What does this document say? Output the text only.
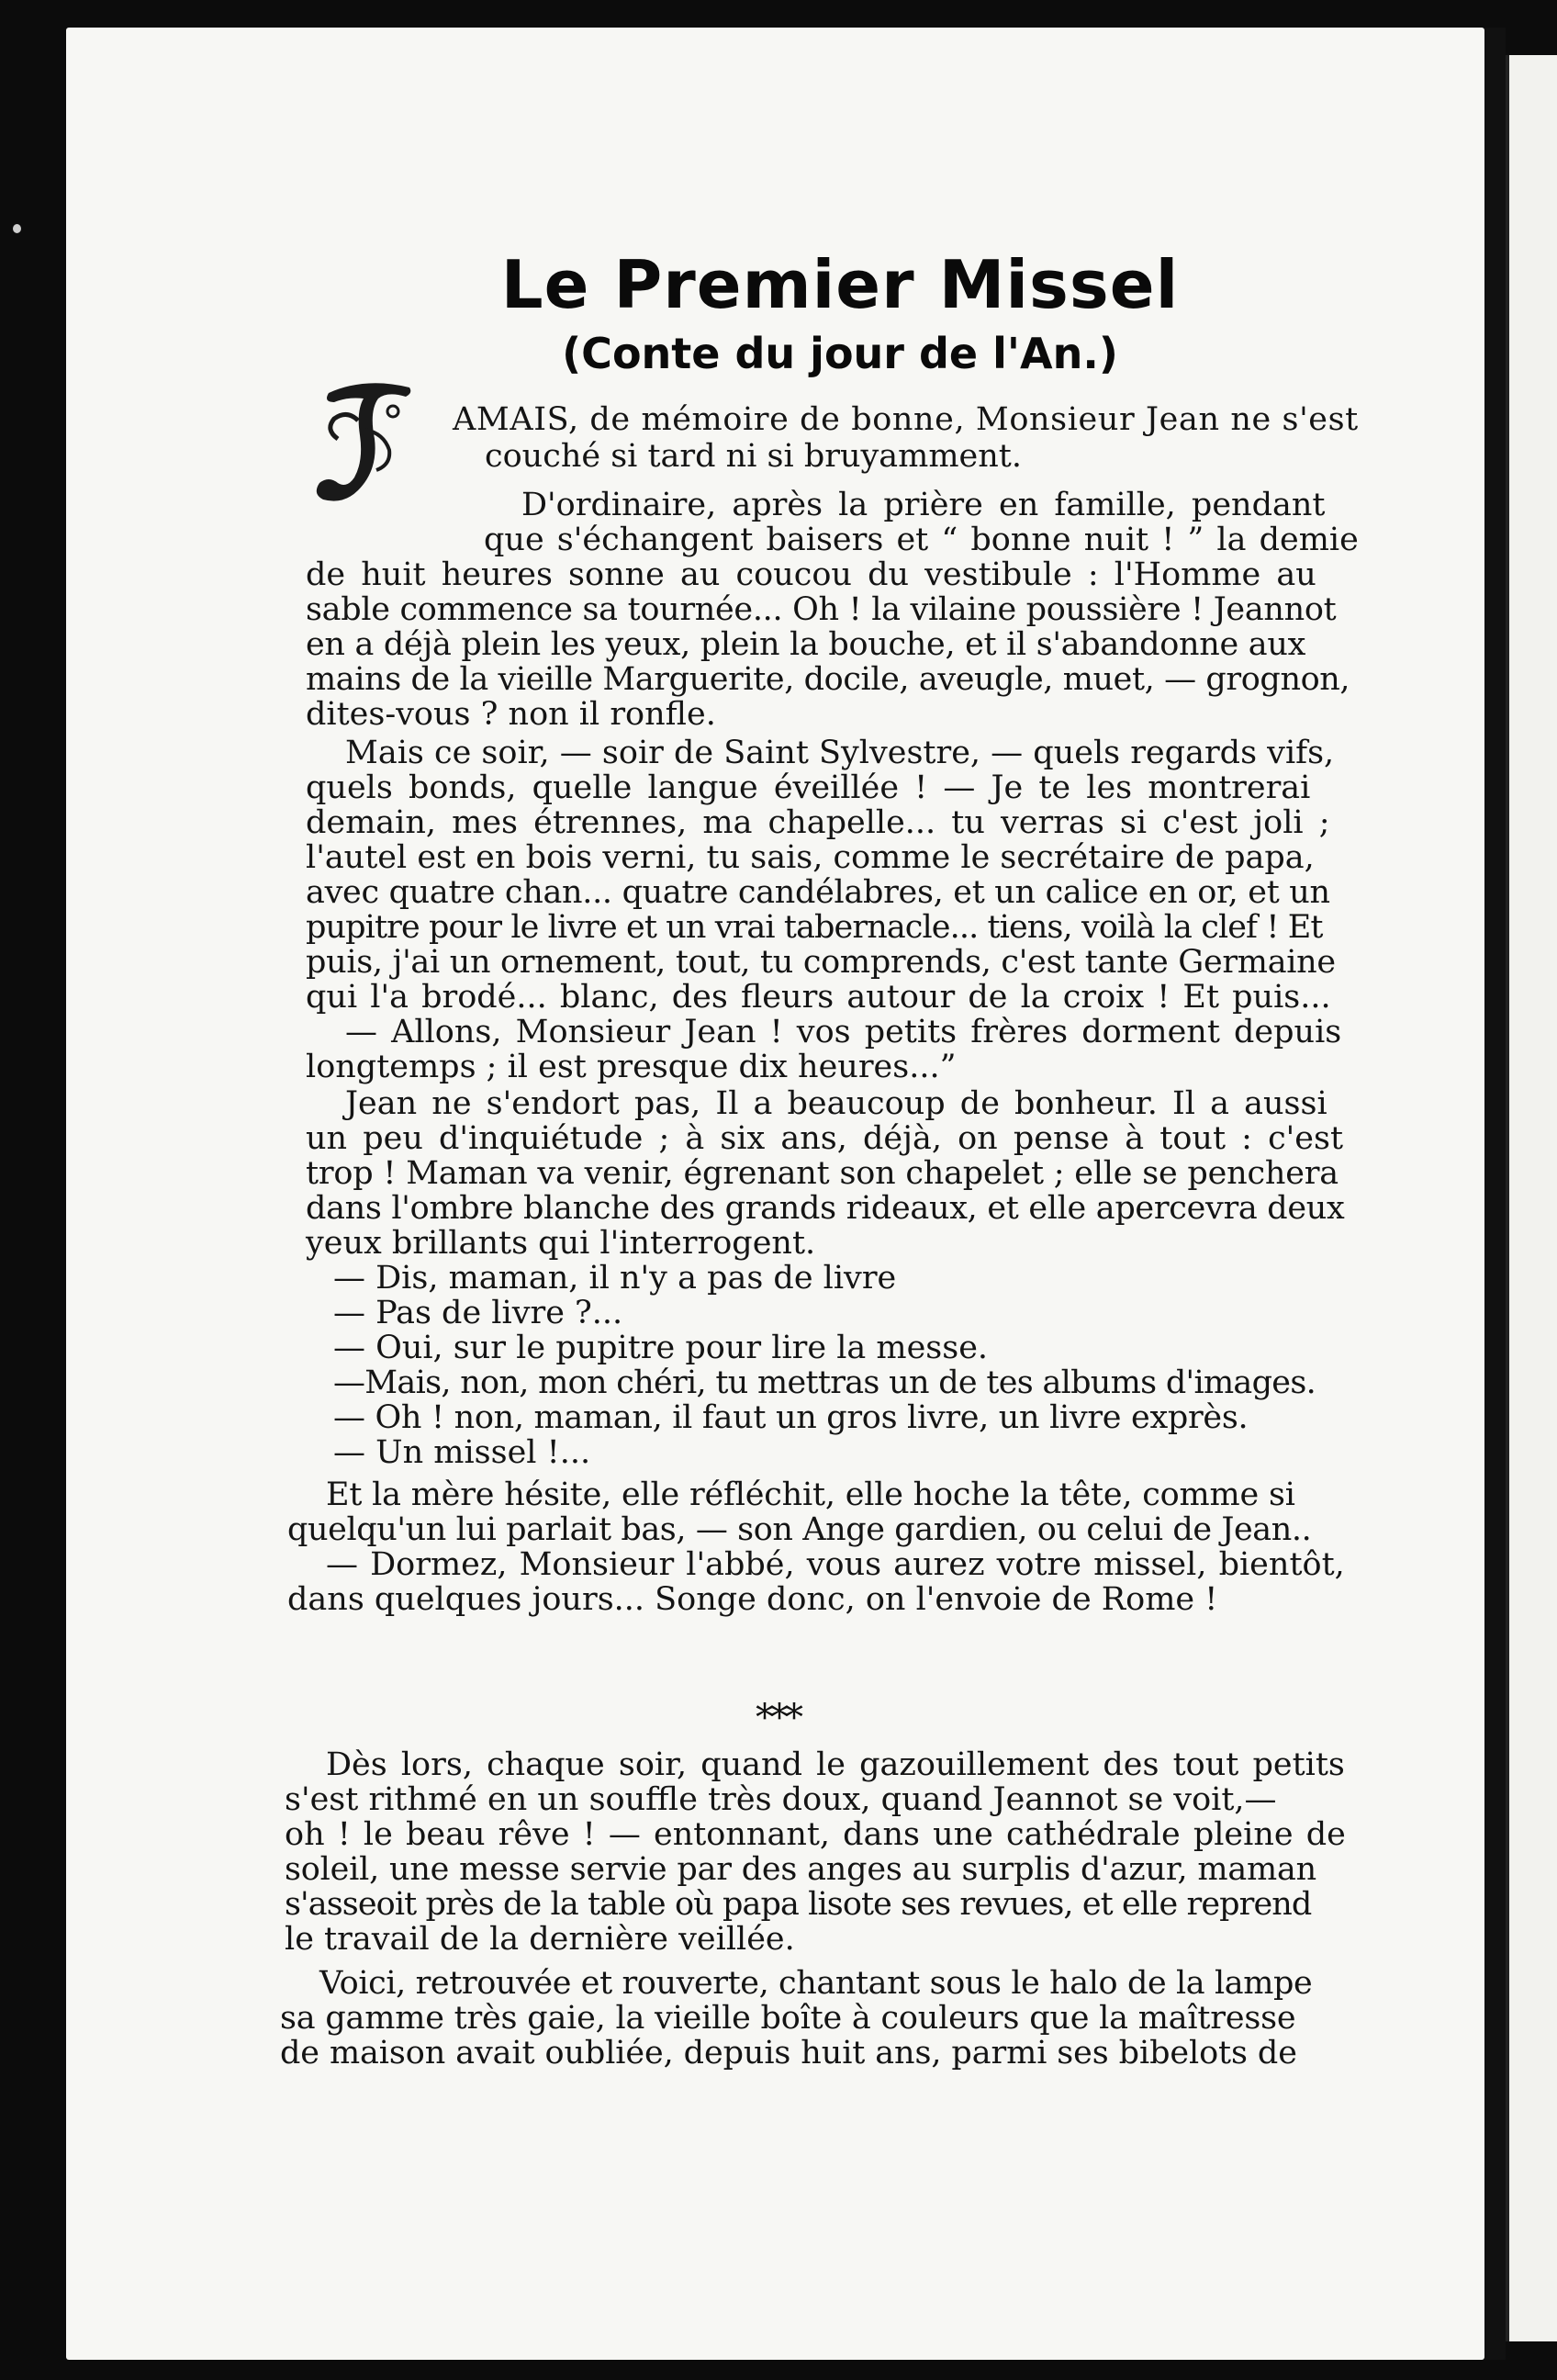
Le Premier Missel
(Conte du jour de l'An.)
J

AMAIS, de mémoire de bonne, Monsieur Jean ne s'est

couché si tard ni si bruyamment.

D'ordinaire, après la prière en famille, pendant

que s'échangent baisers et “ bonne nuit ! ” la demie

de huit heures sonne au coucou du vestibule : l'Homme au

sable commence sa tournée... Oh ! la vilaine poussière ! Jeannot

en a déjà plein les yeux, plein la bouche, et il s'abandonne aux

mains de la vieille Marguerite, docile, aveugle, muet, — grognon,

dites-vous ? non il ronfle.

Mais ce soir, — soir de Saint Sylvestre, — quels regards vifs,

quels bonds, quelle langue éveillée ! — Je te les montrerai

demain, mes étrennes, ma chapelle... tu verras si c'est joli ;

l'autel est en bois verni, tu sais, comme le secrétaire de papa,

avec quatre chan... quatre candélabres, et un calice en or, et un

pupitre pour le livre et un vrai tabernacle... tiens, voilà la clef ! Et

puis, j'ai un ornement, tout, tu comprends, c'est tante Germaine

qui l'a brodé... blanc, des fleurs autour de la croix ! Et puis...

— Allons, Monsieur Jean ! vos petits frères dorment depuis

longtemps ; il est presque dix heures...”

Jean ne s'endort pas, Il a beaucoup de bonheur. Il a aussi

un peu d'inquiétude ; à six ans, déjà, on pense à tout : c'est

trop ! Maman va venir, égrenant son chapelet ; elle se penchera

dans l'ombre blanche des grands rideaux, et elle apercevra deux

yeux brillants qui l'interrogent.

— Dis, maman, il n'y a pas de livre

— Pas de livre ?...

— Oui, sur le pupitre pour lire la messe.

—Mais, non, mon chéri, tu mettras un de tes albums d'images.

— Oh ! non, maman, il faut un gros livre, un livre exprès.

— Un missel !...

Et la mère hésite, elle réfléchit, elle hoche la tête, comme si

quelqu'un lui parlait bas, — son Ange gardien, ou celui de Jean..

— Dormez, Monsieur l'abbé, vous aurez votre missel, bientôt,

dans quelques jours... Songe donc, on l'envoie de Rome !

***

Dès lors, chaque soir, quand le gazouillement des tout petits

s'est rithmé en un souffle très doux, quand Jeannot se voit,—

oh ! le beau rêve ! — entonnant, dans une cathédrale pleine de

soleil, une messe servie par des anges au surplis d'azur, maman

s'asseoit près de la table où papa lisote ses revues, et elle reprend

le travail de la dernière veillée.

Voici, retrouvée et rouverte, chantant sous le halo de la lampe

sa gamme très gaie, la vieille boîte à couleurs que la maîtresse

de maison avait oubliée, depuis huit ans, parmi ses bibelots de
